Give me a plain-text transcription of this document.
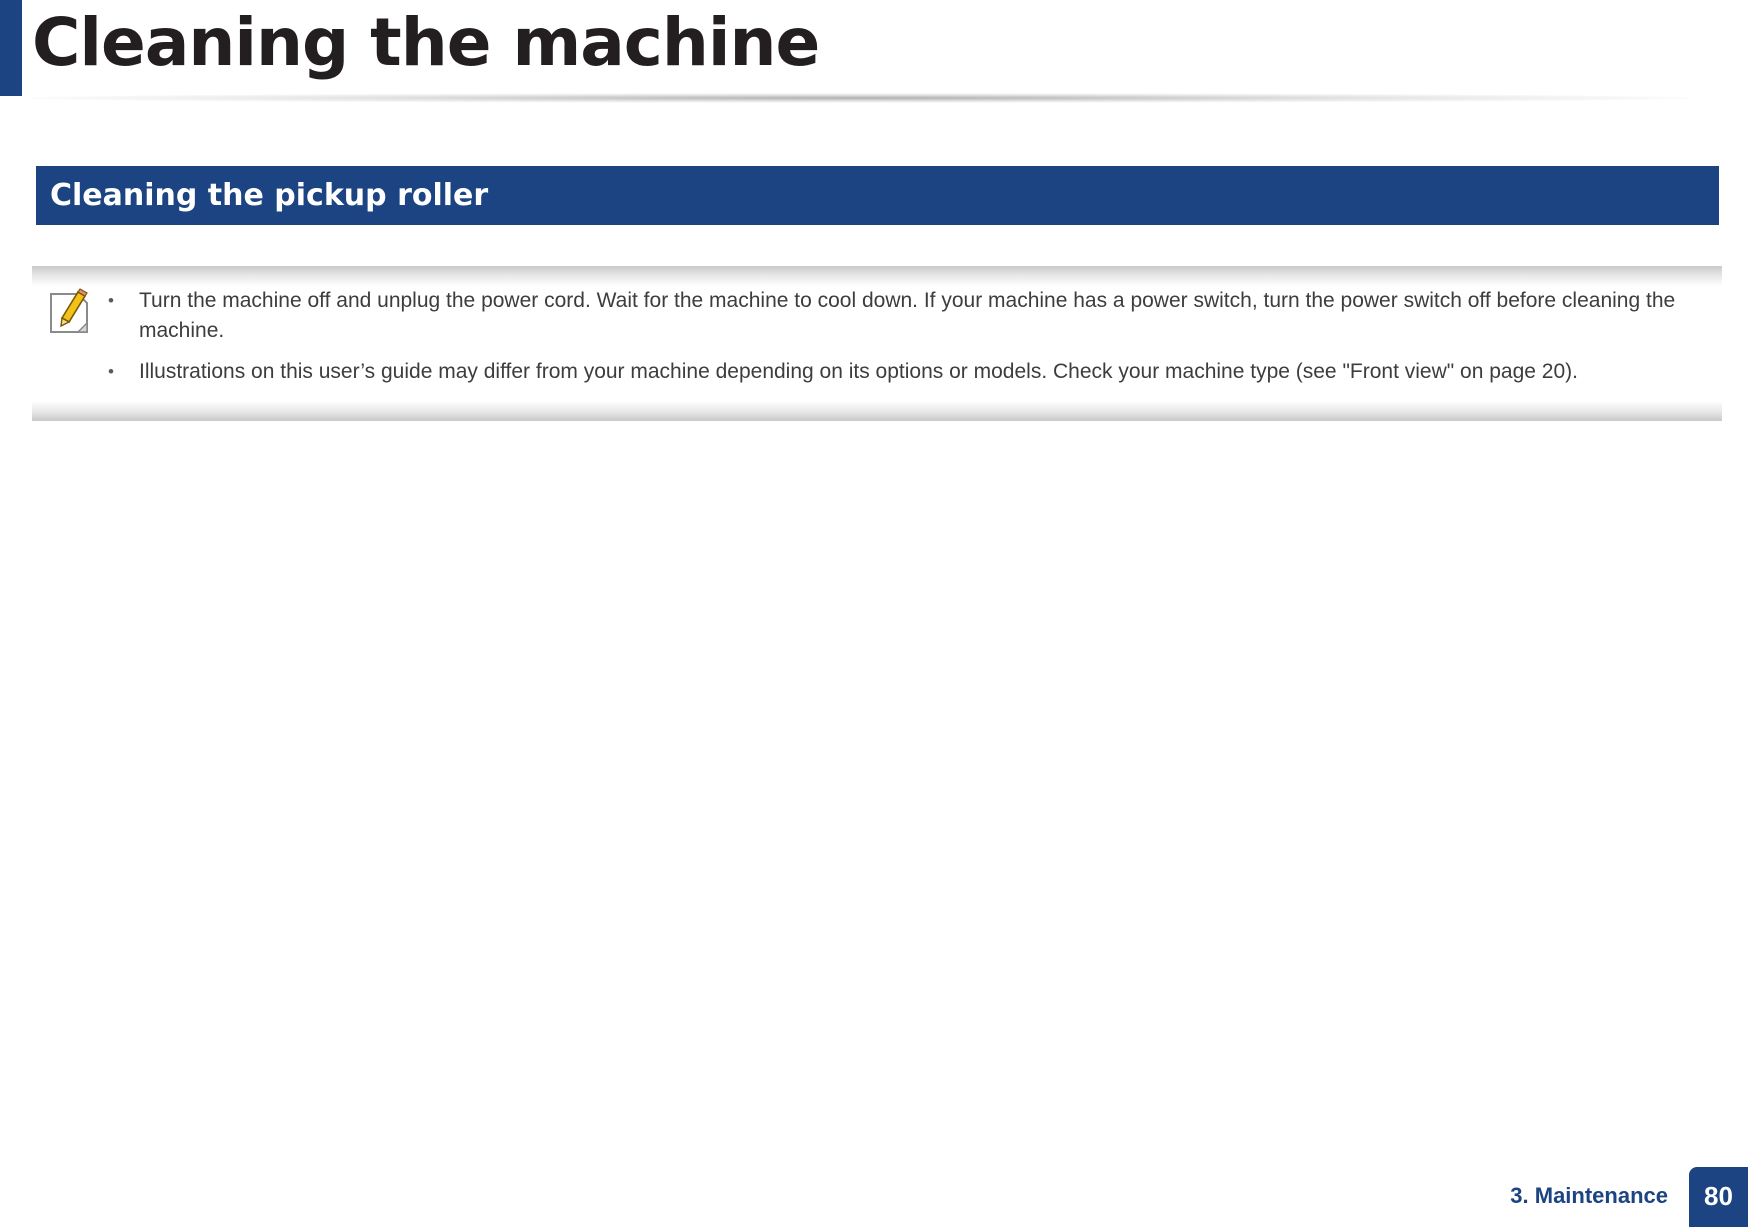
Cleaning the machine
Cleaning the pickup roller
• Turn the machine off and unplug the power cord. Wait for the machine to cool down. If your machine has a power switch, turn the power switch off before cleaning the machine.
• Illustrations on this user’s guide may differ from your machine depending on its options or models. Check your machine type (see "Front view" on page 20).
3. Maintenance	80
